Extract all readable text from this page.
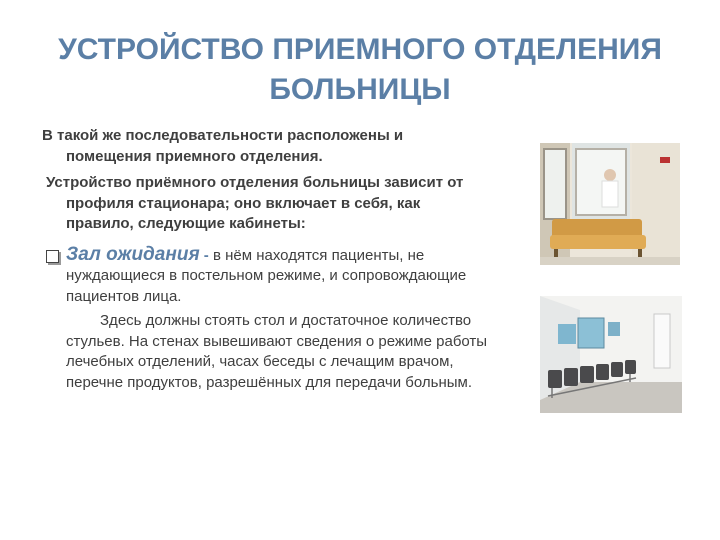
УСТРОЙСТВО ПРИЕМНОГО ОТДЕЛЕНИЯ
БОЛЬНИЦЫ
В такой же последовательности расположены и помещения приемного отделения.
Устройство приёмного отделения больницы зависит от профиля стационара; оно включает в себя, как правило, следующие кабинеты:
Зал ожидания - в нём находятся пациенты, не нуждающиеся в постельном режиме, и сопровождающие пациентов лица.
Здесь должны стоять стол и достаточное количество стульев. На стенах вывешивают сведения о режиме работы лечебных отделений, часах беседы с лечащим врачом, перечне продуктов, разрешённых для передачи больным.
